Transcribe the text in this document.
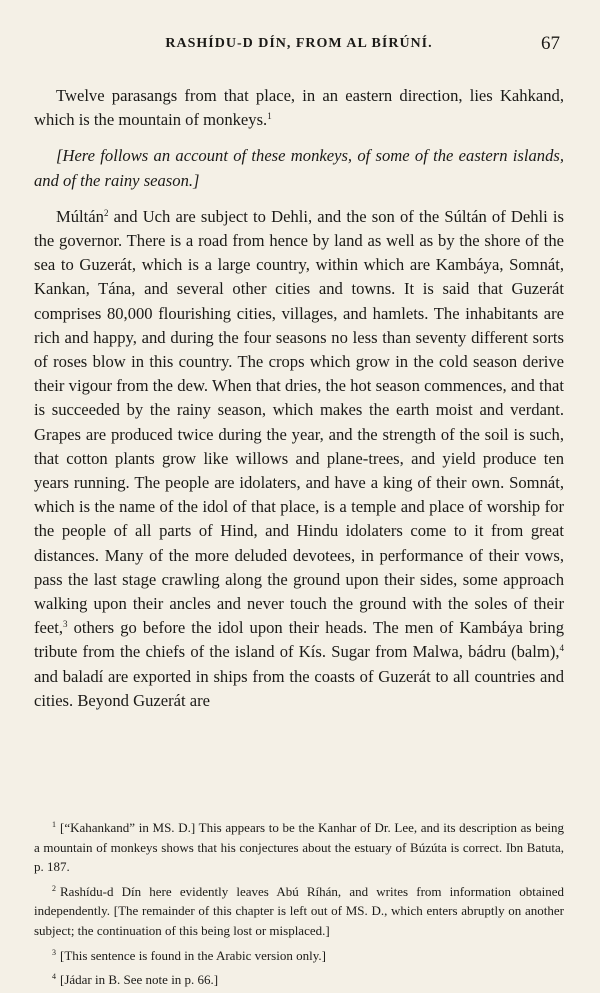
RASHÍDU-D DÍN, FROM AL BÍRÚNÍ.	67

Twelve parasangs from that place, in an eastern direction, lies Kahkand, which is the mountain of monkeys.$^1$

[Here follows an account of these monkeys, of some of the eastern islands, and of the rainy season.]

Múltán$^2$ and Uch are subject to Dehli, and the son of the Súltán of Dehli is the governor. There is a road from hence by land as well as by the shore of the sea to Guzerát, which is a large country, within which are Kambáya, Somnát, Kankan, Tána, and several other cities and towns. It is said that Guzerát comprises 80,000 flourishing cities, villages, and hamlets. The inhabitants are rich and happy, and during the four seasons no less than seventy different sorts of roses blow in this country. The crops which grow in the cold season derive their vigour from the dew. When that dries, the hot season commences, and that is succeeded by the rainy season, which makes the earth moist and verdant. Grapes are produced twice during the year, and the strength of the soil is such, that cotton plants grow like willows and plane-trees, and yield produce ten years running. The people are idolaters, and have a king of their own. Somnát, which is the name of the idol of that place, is a temple and place of worship for the people of all parts of Hind, and Hindu idolaters come to it from great distances. Many of the more deluded devotees, in performance of their vows, pass the last stage crawling along the ground upon their sides, some approach walking upon their ancles and never touch the ground with the soles of their feet,$^3$ others go before the idol upon their heads. The men of Kambáya bring tribute from the chiefs of the island of Kís. Sugar from Malwa, bádru (balm),$^4$ and baladí are exported in ships from the coasts of Guzerát to all countries and cities. Beyond Guzerát are

$^1$ [“Kahankand” in MS. D.] This appears to be the Kanhar of Dr. Lee, and its description as being a mountain of monkeys shows that his conjectures about the estuary of Búzúta is correct. Ibn Batuta, p. 187.

$^2$ Rashídu-d Dín here evidently leaves Abú Ríhán, and writes from information obtained independently. [The remainder of this chapter is left out of MS. D., which enters abruptly on another subject; the continuation of this being lost or misplaced.]

$^3$ [This sentence is found in the Arabic version only.]

$^4$ [Jádar in B. See note in p. 66.]
